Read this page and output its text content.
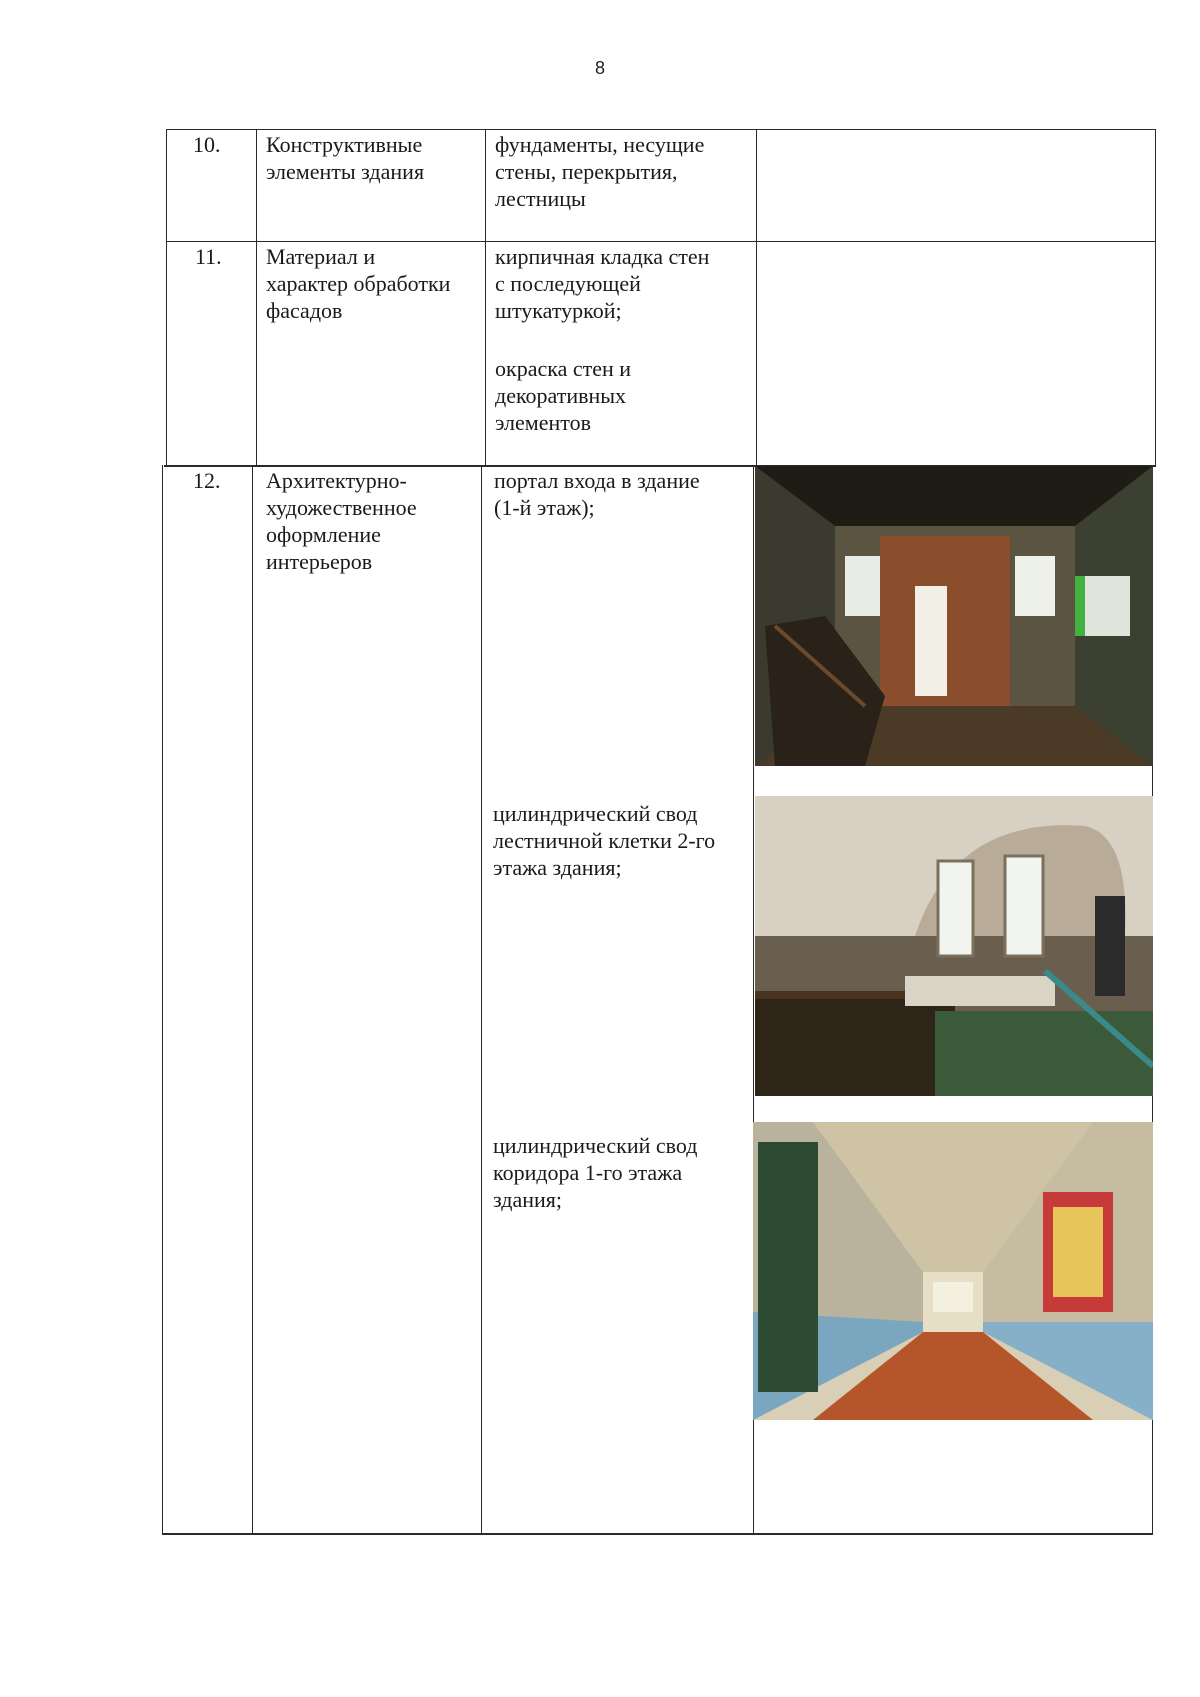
8
10. Конструктивные
элементы здания
фундаменты, несущие
стены, перекрытия,
лестницы
11. Материал и
характер обработки
фасадов
кирпичная кладка стен
с последующей
штукатуркой;
окраска стен и
декоративных
элементов
12. Архитектурно-
художественное
оформление
интерьеров
портал входа в здание
(1-й этаж);
цилиндрический свод
лестничной клетки 2-го
этажа здания;
цилиндрический свод
коридора 1-го этажа
здания;
